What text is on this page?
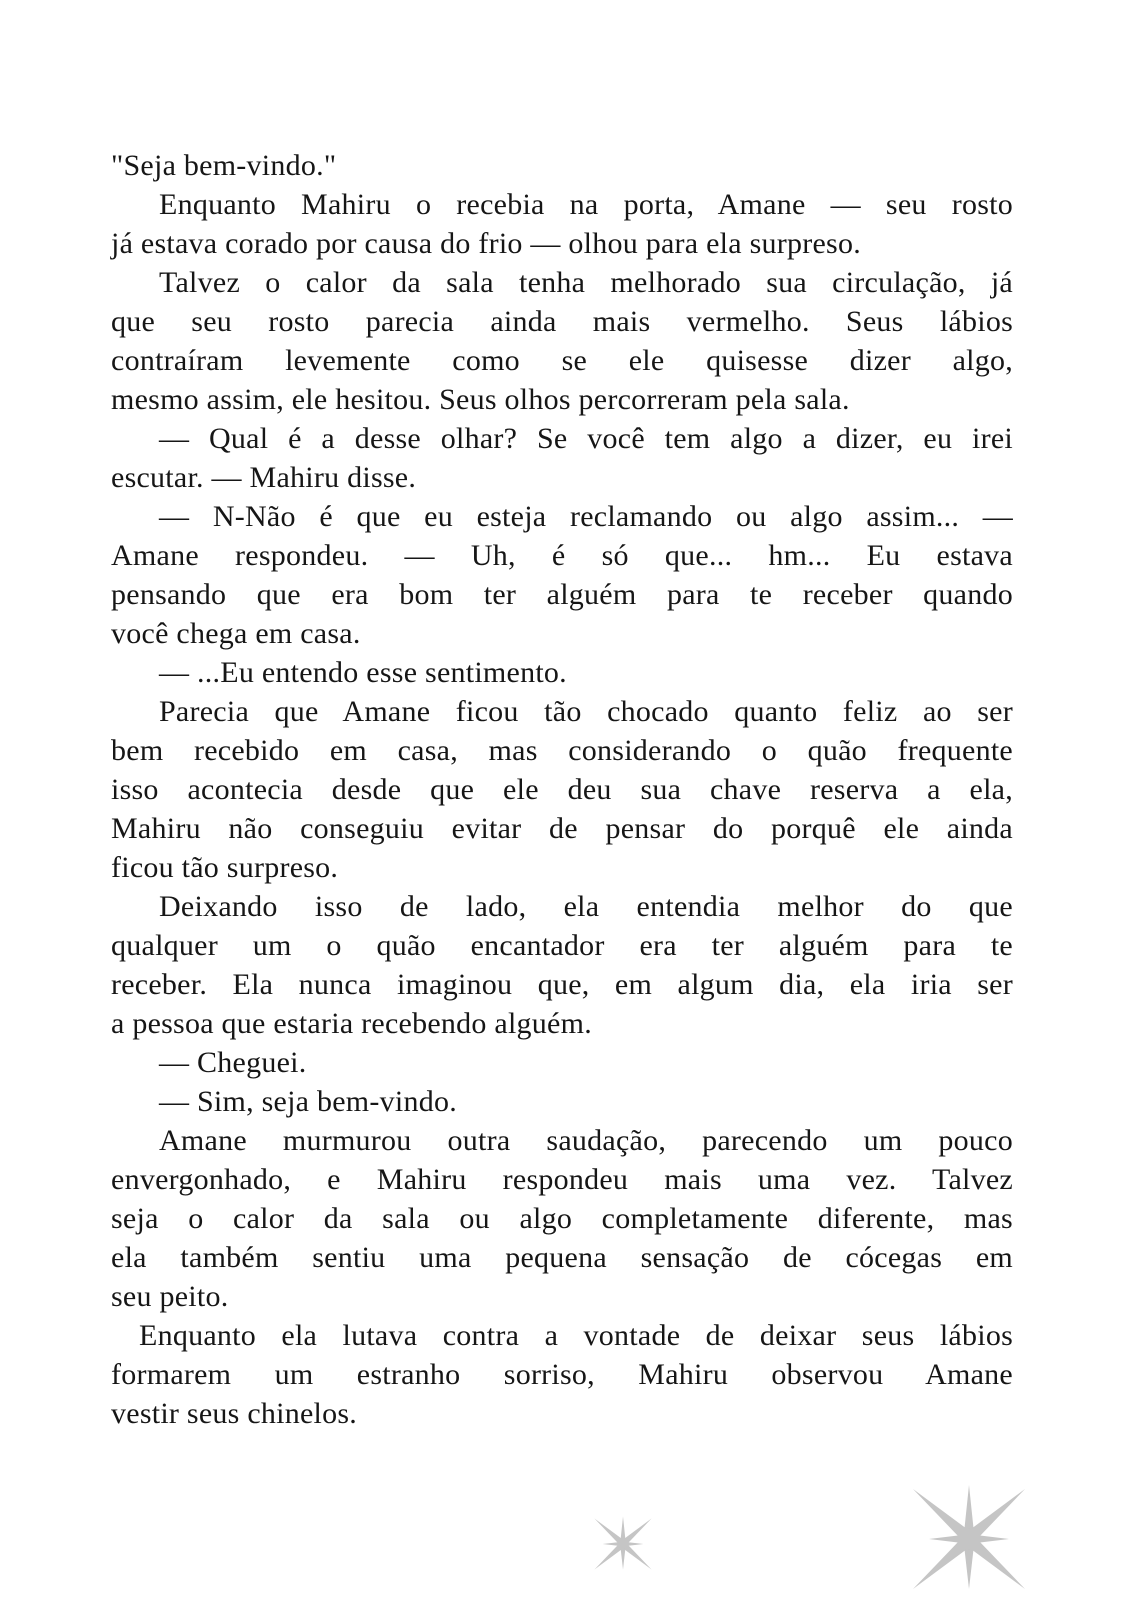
"Seja bem-vindo."
Enquanto Mahiru o recebia na porta, Amane — seu rosto
já estava corado por causa do frio — olhou para ela surpreso.
Talvez o calor da sala tenha melhorado sua circulação, já
que seu rosto parecia ainda mais vermelho. Seus lábios
contraíram levemente como se ele quisesse dizer algo,
mesmo assim, ele hesitou. Seus olhos percorreram pela sala.
— Qual é a desse olhar? Se você tem algo a dizer, eu irei
escutar. — Mahiru disse.
— N-Não é que eu esteja reclamando ou algo assim... —
Amane respondeu. — Uh, é só que... hm... Eu estava
pensando que era bom ter alguém para te receber quando
você chega em casa.
— ...Eu entendo esse sentimento.
Parecia que Amane ficou tão chocado quanto feliz ao ser
bem recebido em casa, mas considerando o quão frequente
isso acontecia desde que ele deu sua chave reserva a ela,
Mahiru não conseguiu evitar de pensar do porquê ele ainda
ficou tão surpreso.
Deixando isso de lado, ela entendia melhor do que
qualquer um o quão encantador era ter alguém para te
receber. Ela nunca imaginou que, em algum dia, ela iria ser
a pessoa que estaria recebendo alguém.
— Cheguei.
— Sim, seja bem-vindo.
Amane murmurou outra saudação, parecendo um pouco
envergonhado, e Mahiru respondeu mais uma vez. Talvez
seja o calor da sala ou algo completamente diferente, mas
ela também sentiu uma pequena sensação de cócegas em
seu peito.
Enquanto ela lutava contra a vontade de deixar seus lábios
formarem um estranho sorriso, Mahiru observou Amane
vestir seus chinelos.
